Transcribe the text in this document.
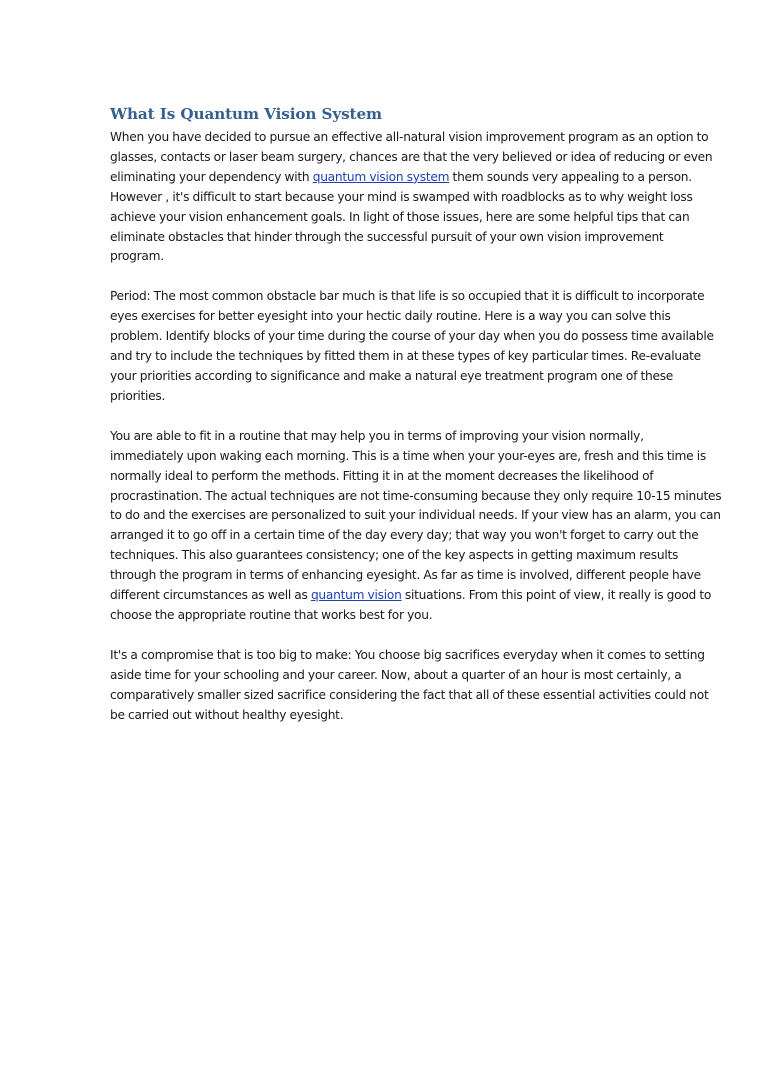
What Is Quantum Vision System
When you have decided to pursue an effective all-natural vision improvement program as an option to
glasses, contacts or laser beam surgery, chances are that the very believed or idea of reducing or even
eliminating your dependency with quantum vision system them sounds very appealing to a person.
However , it's difficult to start because your mind is swamped with roadblocks as to why weight loss
achieve your vision enhancement goals. In light of those issues, here are some helpful tips that can
eliminate obstacles that hinder through the successful pursuit of your own vision improvement
program.
Period: The most common obstacle bar much is that life is so occupied that it is difficult to incorporate
eyes exercises for better eyesight into your hectic daily routine. Here is a way you can solve this
problem. Identify blocks of your time during the course of your day when you do possess time available
and try to include the techniques by fitted them in at these types of key particular times. Re-evaluate
your priorities according to significance and make a natural eye treatment program one of these
priorities.
You are able to fit in a routine that may help you in terms of improving your vision normally,
immediately upon waking each morning. This is a time when your your-eyes are, fresh and this time is
normally ideal to perform the methods. Fitting it in at the moment decreases the likelihood of
procrastination. The actual techniques are not time-consuming because they only require 10-15 minutes
to do and the exercises are personalized to suit your individual needs. If your view has an alarm, you can
arranged it to go off in a certain time of the day every day; that way you won't forget to carry out the
techniques. This also guarantees consistency; one of the key aspects in getting maximum results
through the program in terms of enhancing eyesight. As far as time is involved, different people have
different circumstances as well as quantum vision situations. From this point of view, it really is good to
choose the appropriate routine that works best for you.
It's a compromise that is too big to make: You choose big sacrifices everyday when it comes to setting
aside time for your schooling and your career. Now, about a quarter of an hour is most certainly, a
comparatively smaller sized sacrifice considering the fact that all of these essential activities could not
be carried out without healthy eyesight.
